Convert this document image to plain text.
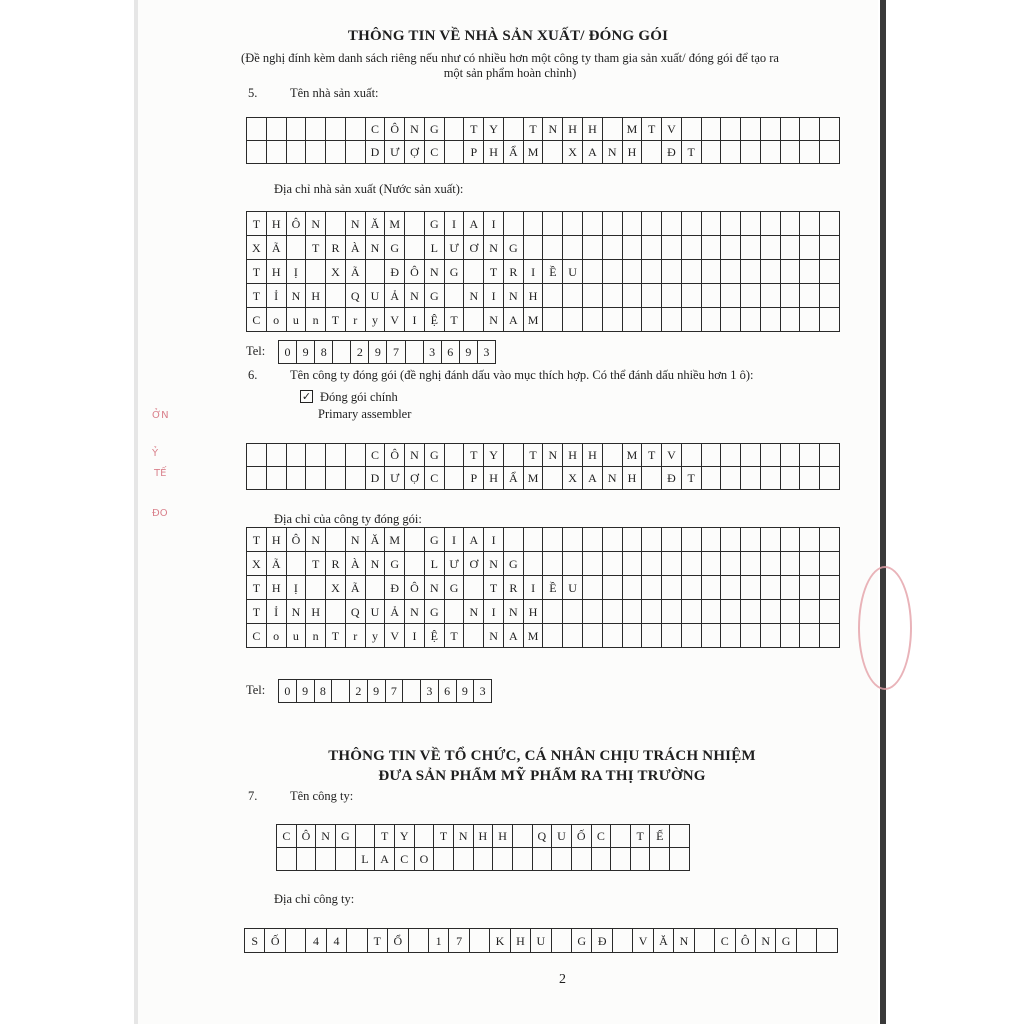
ỞN
Ỷ
TẾ
ĐO
THÔNG TIN VỀ NHÀ SẢN XUẤT/ ĐÓNG GÓI
(Đề nghị đính kèm danh sách riêng nếu như có nhiều hơn một công ty tham gia sản xuất/ đóng gói để tạo ra
một sản phẩm hoàn chỉnh)
5.	Tên nhà sản xuất:
						C	Ô	N	G		T	Y		T	N	H	H		M	T	V								
						D	Ư	Ợ	C		P	H	Ẩ	M		X	A	N	H		Đ	T							
Địa chỉ nhà sản xuất (Nước sản xuất):
T	H	Ô	N		N	Ă	M		G	I	A	I																	
X	Ã		T	R	À	N	G		L	Ư	Ơ	N	G																
T	H	Ị		X	Ã		Đ	Ô	N	G		T	R	I	Ề	U													
T	Ỉ	N	H		Q	U	Ả	N	G		N	I	N	H															
C	o	u	n	T	r	y	V	I	Ệ	T		N	A	M															
Tel: 0	9	8		2	9	7		3	6	9	3
6.	Tên công ty đóng gói (đề nghị đánh dấu vào mục thích hợp. Có thể đánh dấu nhiều hơn 1 ô):
✓ Đóng gói chính
Primary assembler
						C	Ô	N	G		T	Y		T	N	H	H		M	T	V								
						D	Ư	Ợ	C		P	H	Ẩ	M		X	A	N	H		Đ	T							
Địa chỉ của công ty đóng gói:
T	H	Ô	N		N	Ă	M		G	I	A	I																	
X	Ã		T	R	À	N	G		L	Ư	Ơ	N	G																
T	H	Ị		X	Ã		Đ	Ô	N	G		T	R	I	Ề	U													
T	Ỉ	N	H		Q	U	Ả	N	G		N	I	N	H															
C	o	u	n	T	r	y	V	I	Ệ	T		N	A	M															
Tel: 0	9	8		2	9	7		3	6	9	3
THÔNG TIN VỀ TỔ CHỨC, CÁ NHÂN CHỊU TRÁCH NHIỆM
ĐƯA SẢN PHẨM MỸ PHẨM RA THỊ TRƯỜNG
7.	Tên công ty:
C	Ô	N	G		T	Y		T	N	H	H		Q	U	Ố	C		T	Ế	
				L	A	C	O													
Địa chỉ công ty:
S	Ố		4	4		T	Ổ		1	7		K	H	U		G	Đ		V	Ă	N		C	Ô	N	G		
2
